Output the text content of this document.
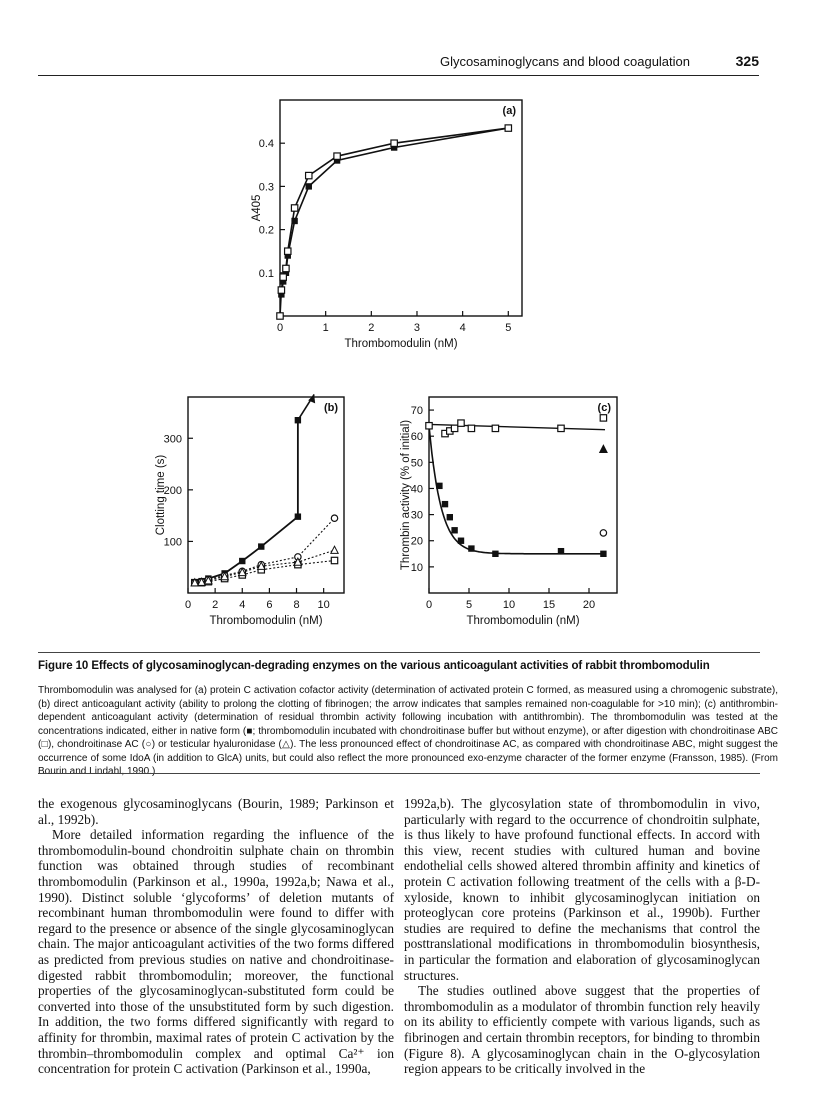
Glycosaminoglycans and blood coagulation	325
0	1	2	3	4	5
0.1
0.2
0.3
0.4
Thrombomodulin (nM)
A405
(a)
0 2 4 6 8 10
100
200
300
Thrombomodulin (nM)
Clotting time (s)
(b)
0	5	10	15	20
10
20
30
40
50
60
70
Thrombomodulin (nM)
Thrombin activity (% of initial)
(c)
Figure 10 Effects of glycosaminoglycan-degrading enzymes on the various anticoagulant activities of rabbit thrombomodulin
Thrombomodulin was analysed for (a) protein C activation cofactor activity (determination of activated protein C formed, as measured using a chromogenic substrate), (b) direct anticoagulant activity (ability to prolong the clotting of fibrinogen; the arrow indicates that samples remained non-coagulable for >10 min); (c) antithrombin-dependent anticoagulant activity (determination of residual thrombin activity following incubation with antithrombin). The thrombomodulin was tested at the concentrations indicated, either in native form (■; thrombomodulin incubated with chondroitinase buffer but without enzyme), or after digestion with chondroitinase ABC (□), chondroitinase AC (○) or testicular hyaluronidase (△). The less pronounced effect of chondroitinase AC, as compared with chondroitinase ABC, might suggest the occurrence of some IdoA (in addition to GlcA) units, but could also reflect the more pronounced exo-enzyme character of the former enzyme (Fransson, 1985). (From Bourin and Lindahl, 1990.)

the exogenous glycosaminoglycans (Bourin, 1989; Parkinson et al., 1992b).

More detailed information regarding the influence of the thrombomodulin-bound chondroitin sulphate chain on thrombin function was obtained through studies of recombinant thrombomodulin (Parkinson et al., 1990a, 1992a,b; Nawa et al., 1990). Distinct soluble ‘glycoforms’ of deletion mutants of recombinant human thrombomodulin were found to differ with regard to the presence or absence of the single glycosaminoglycan chain. The major anticoagulant activities of the two forms differed as predicted from previous studies on native and chondroitinase-digested rabbit thrombomodulin; moreover, the functional properties of the glycosaminoglycan-substituted form could be converted into those of the unsubstituted form by such digestion. In addition, the two forms differed significantly with regard to affinity for thrombin, maximal rates of protein C activation by the thrombin–thrombomodulin complex and optimal Ca²⁺ ion concentration for protein C activation (Parkinson et al., 1990a,

1992a,b). The glycosylation state of thrombomodulin in vivo, particularly with regard to the occurrence of chondroitin sulphate, is thus likely to have profound functional effects. In accord with this view, recent studies with cultured human and bovine endothelial cells showed altered thrombin affinity and kinetics of protein C activation following treatment of the cells with a β-D-xyloside, known to inhibit glycosaminoglycan initiation on proteoglycan core proteins (Parkinson et al., 1990b). Further studies are required to define the mechanisms that control the posttranslational modifications in thrombomodulin biosynthesis, in particular the formation and elaboration of glycosaminoglycan structures.

The studies outlined above suggest that the properties of thrombomodulin as a modulator of thrombin function rely heavily on its ability to efficiently compete with various ligands, such as fibrinogen and certain thrombin receptors, for binding to thrombin (Figure 8). A glycosaminoglycan chain in the O-glycosylation region appears to be critically involved in the
